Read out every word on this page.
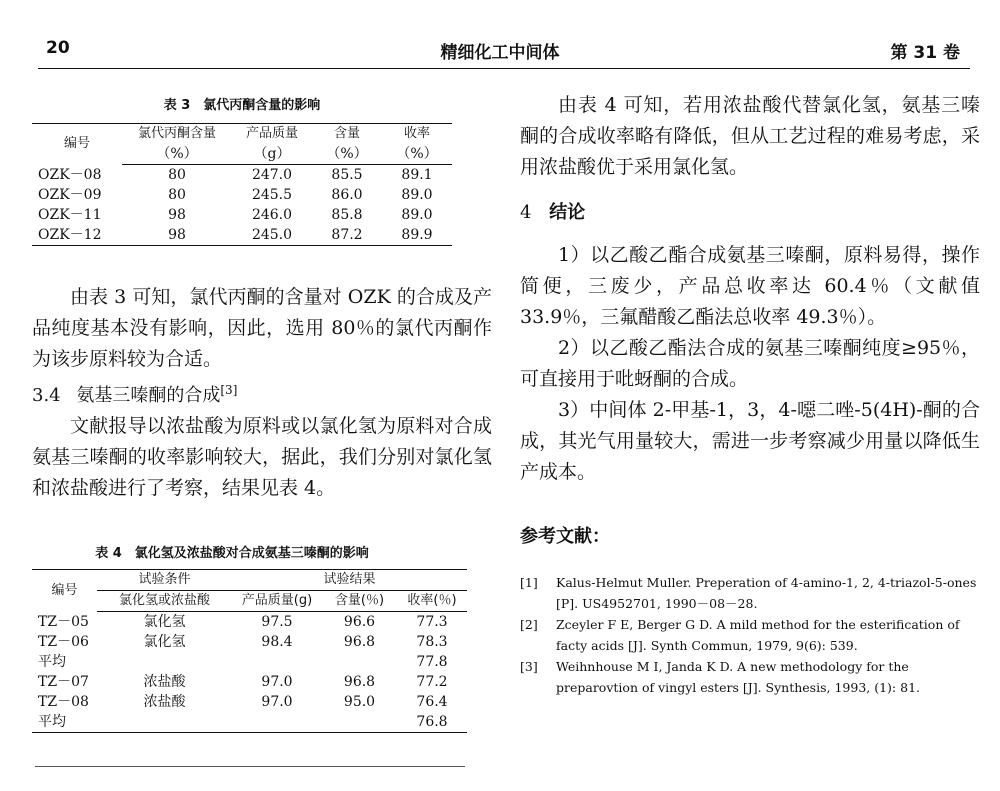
20	精细化工中间体	第 31 卷
表 3　氯代丙酮含量的影响
编号	氯代丙酮含量	产品质量	含量	收率
	（%）	（g）	（%）	（%）
OZK－08	80	247.0	85.5	89.1
OZK－09	80	245.5	86.0	89.0
OZK－11	98	246.0	85.8	89.0
OZK－12	98	245.0	87.2	89.9

由表 3 可知，氯代丙酮的含量对 OZK 的合成及产品纯度基本没有影响，因此，选用 80％的氯代丙酮作为该步原料较为合适。

3.4 氨基三嗪酮的合成[3]

文献报导以浓盐酸为原料或以氯化氢为原料对合成氨基三嗪酮的收率影响较大，据此，我们分别对氯化氢和浓盐酸进行了考察，结果见表 4。

表 4　氯化氢及浓盐酸对合成氨基三嗪酮的影响
编号	试验条件	试验结果		
	氯化氢或浓盐酸	产品质量(g)	含量(％)	收率(％)
TZ－05	氯化氢	97.5	96.6	77.3
TZ－06	氯化氢	98.4	96.8	78.3
平均				77.8
TZ－07	浓盐酸	97.0	96.8	77.2
TZ－08	浓盐酸	97.0	95.0	76.4
平均				76.8

由表 4 可知，若用浓盐酸代替氯化氢，氨基三嗪酮的合成收率略有降低，但从工艺过程的难易考虑，采用浓盐酸优于采用氯化氢。

4 结论

1）以乙酸乙酯合成氨基三嗪酮，原料易得，操作简便，三废少，产品总收率达 60.4％（文献值 33.9％，三氟醋酸乙酯法总收率 49.3％）。

2）以乙酸乙酯法合成的氨基三嗪酮纯度≥95％，可直接用于吡蚜酮的合成。

3）中间体 2-甲基-1，3，4-噁二唑-5(4H)-酮的合成，其光气用量较大，需进一步考察减少用量以降低生产成本。

参考文献：
[1]	Kalus-Helmut Muller. Preperation of 4-amino-1, 2, 4-triazol-5-ones [P]. US4952701, 1990－08－28.
[2]	Zceyler F E, Berger G D. A mild method for the esterification of facty acids [J]. Synth Commun, 1979, 9(6): 539.
[3]	Weihnhouse M I, Janda K D. A new methodology for the preparovtion of vingyl esters [J]. Synthesis, 1993, (1): 81.
